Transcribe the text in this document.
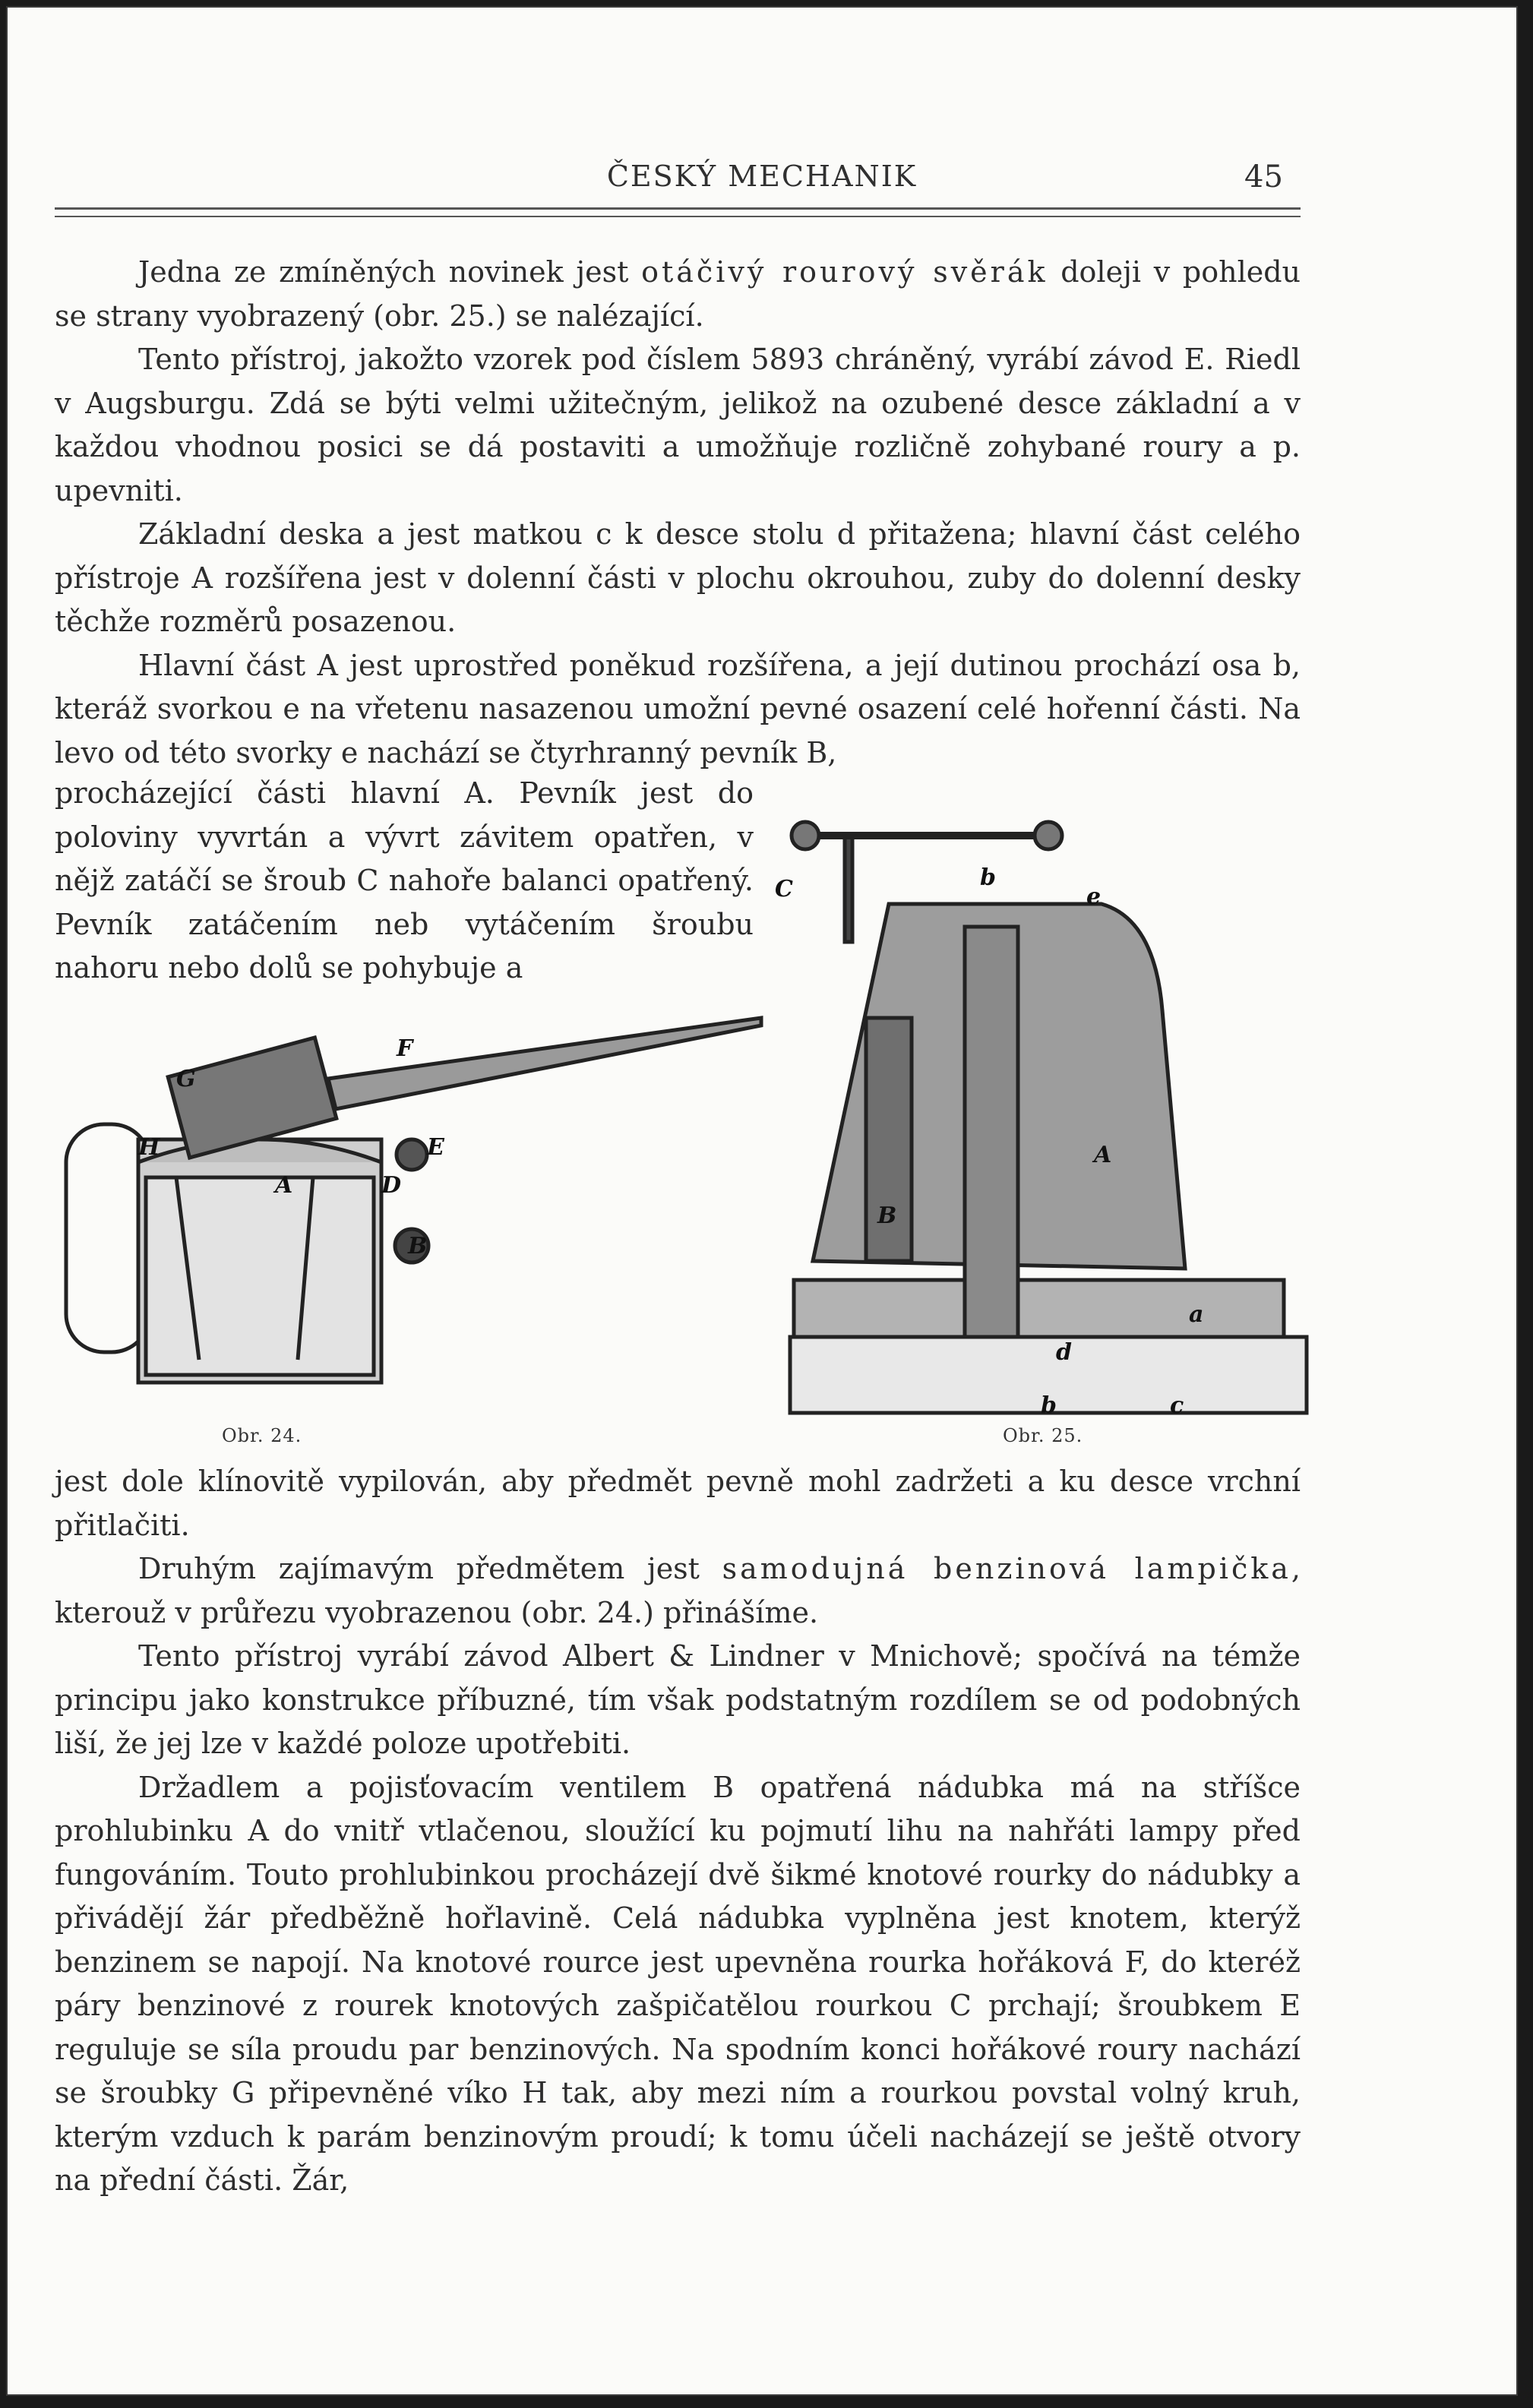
ČESKÝ MECHANIK	45

Jedna ze zmíněných novinek jest otáčivý rourový svěrák doleji v pohledu se strany vyobrazený (obr. 25.) se nalézající.

Tento přístroj, jakožto vzorek pod číslem 5893 chráněný, vyrábí závod E. Riedl v Augsburgu. Zdá se býti velmi užitečným, jelikož na ozubené desce základní a v každou vhodnou posici se dá postaviti a umožňuje rozličně zohybané roury a p. upevniti.

Základní deska a jest matkou c k desce stolu d přitažena; hlavní část celého přístroje A rozšířena jest v dolenní části v plochu okrouhou, zuby do dolenní desky těchže rozměrů posazenou.

Hlavní část A jest uprostřed poněkud rozšířena, a její dutinou prochází osa b, kteráž svorkou e na vřetenu nasazenou umožní pevné osazení celé hořenní části. Na levo od této svorky e nachází se čtyrhranný pevník B,

procházející části hlavní A. Pevník jest do poloviny vyvrtán a vývrt závitem opatřen, v nějž zatáčí se šroub C nahoře balanci opatřený. Pevník zatáčením neb vytáčením šroubu nahoru nebo dolů se pohybuje a
F
G
H
A
E
D
B
Obr. 24.
C	b
e
A
B
a
d
b	c
Obr. 25.

jest dole klínovitě vypilován, aby předmět pevně mohl zadržeti a ku desce vrchní přitlačiti.

Druhým zajímavým předmětem jest samodujná benzinová lampička, kterouž v průřezu vyobrazenou (obr. 24.) přinášíme.

Tento přístroj vyrábí závod Albert & Lindner v Mnichově; spočívá na témže principu jako konstrukce příbuzné, tím však podstatným rozdílem se od podobných liší, že jej lze v každé poloze upotřebiti.

Držadlem a pojisťovacím ventilem B opatřená nádubka má na stříšce prohlubinku A do vnitř vtlačenou, sloužící ku pojmutí lihu na nahřáti lampy před fungováním. Touto prohlubinkou procházejí dvě šikmé knotové rourky do nádubky a přivádějí žár předběžně hořlavině. Celá nádubka vyplněna jest knotem, kterýž benzinem se napojí. Na knotové rource jest upevněna rourka hořáková F, do kteréž páry benzinové z rourek knotových zašpičatělou rourkou C prchají; šroubkem E reguluje se síla proudu par benzinových. Na spodním konci hořákové roury nachází se šroubky G připevněné víko H tak, aby mezi ním a rourkou povstal volný kruh, kterým vzduch k parám benzinovým proudí; k tomu účeli nacházejí se ještě otvory na přední části. Žár,
